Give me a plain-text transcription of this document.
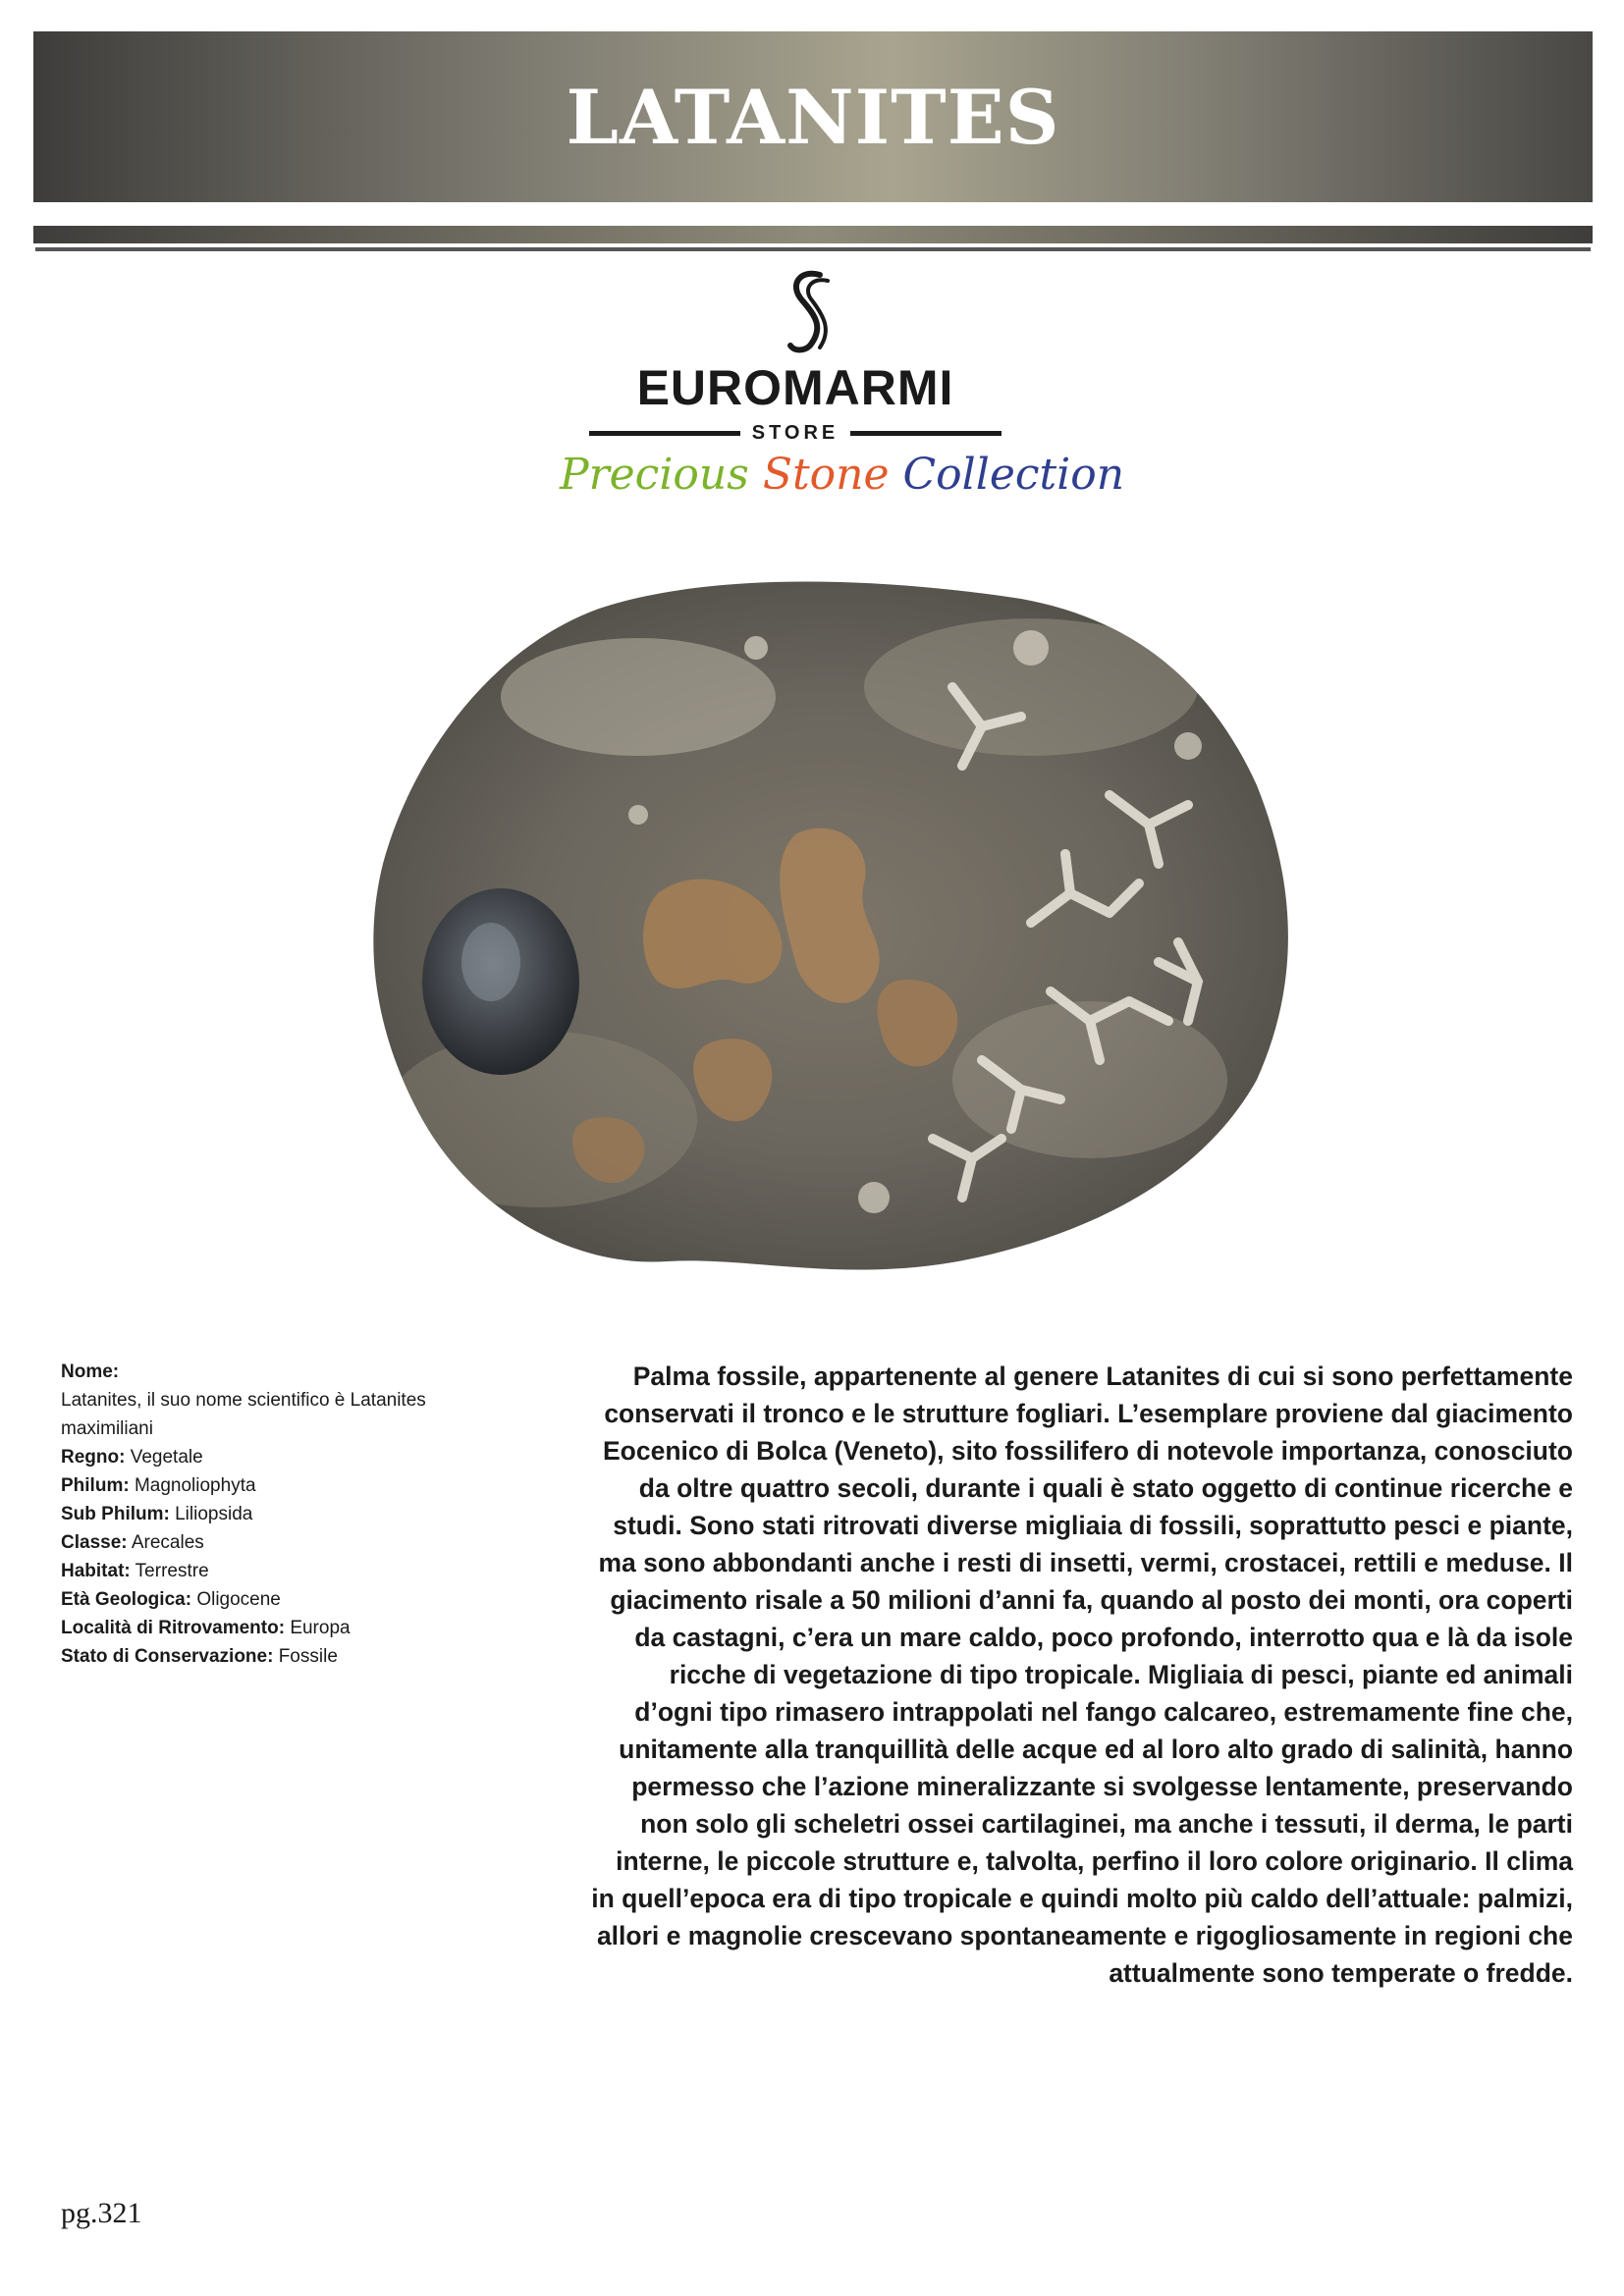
LATANITES
EUROMARMI
STORE
Precious Stone Collection

Nome:
Latanites, il suo nome scientifico è Latanites maximiliani

Regno: Vegetale

Philum: Magnoliophyta

Sub Philum: Liliopsida

Classe: Arecales

Habitat: Terrestre

Età Geologica: Oligocene

Località di Ritrovamento: Europa

Stato di Conservazione: Fossile

Palma fossile, appartenente al genere Latanites di cui si sono perfettamente conservati il tronco e le strutture fogliari. L’esemplare proviene dal giacimento Eocenico di Bolca (Veneto), sito fossilifero di notevole importanza, conosciuto da oltre quattro secoli, durante i quali è stato oggetto di continue ricerche e studi. Sono stati ritrovati diverse migliaia di fossili, soprattutto pesci e piante, ma sono abbondanti anche i resti di insetti, vermi, crostacei, rettili e meduse. Il giacimento risale a 50 milioni d’anni fa, quando al posto dei monti, ora coperti da castagni, c’era un mare caldo, poco profondo, interrotto qua e là da isole ricche di vegetazione di tipo tropicale. Migliaia di pesci, piante ed animali d’ogni tipo rimasero intrappolati nel fango calcareo, estremamente fine che, unitamente alla tranquillità delle acque ed al loro alto grado di salinità, hanno permesso che l’azione mineralizzante si svolgesse lentamente, preservando non solo gli scheletri ossei cartilaginei, ma anche i tessuti, il derma, le parti interne, le piccole strutture e, talvolta, perfino il loro colore originario. Il clima in quell’epoca era di tipo tropicale e quindi molto più caldo dell’attuale: palmizi, allori e magnolie crescevano spontaneamente e rigogliosamente in regioni che attualmente sono temperate o fredde.

pg.321
